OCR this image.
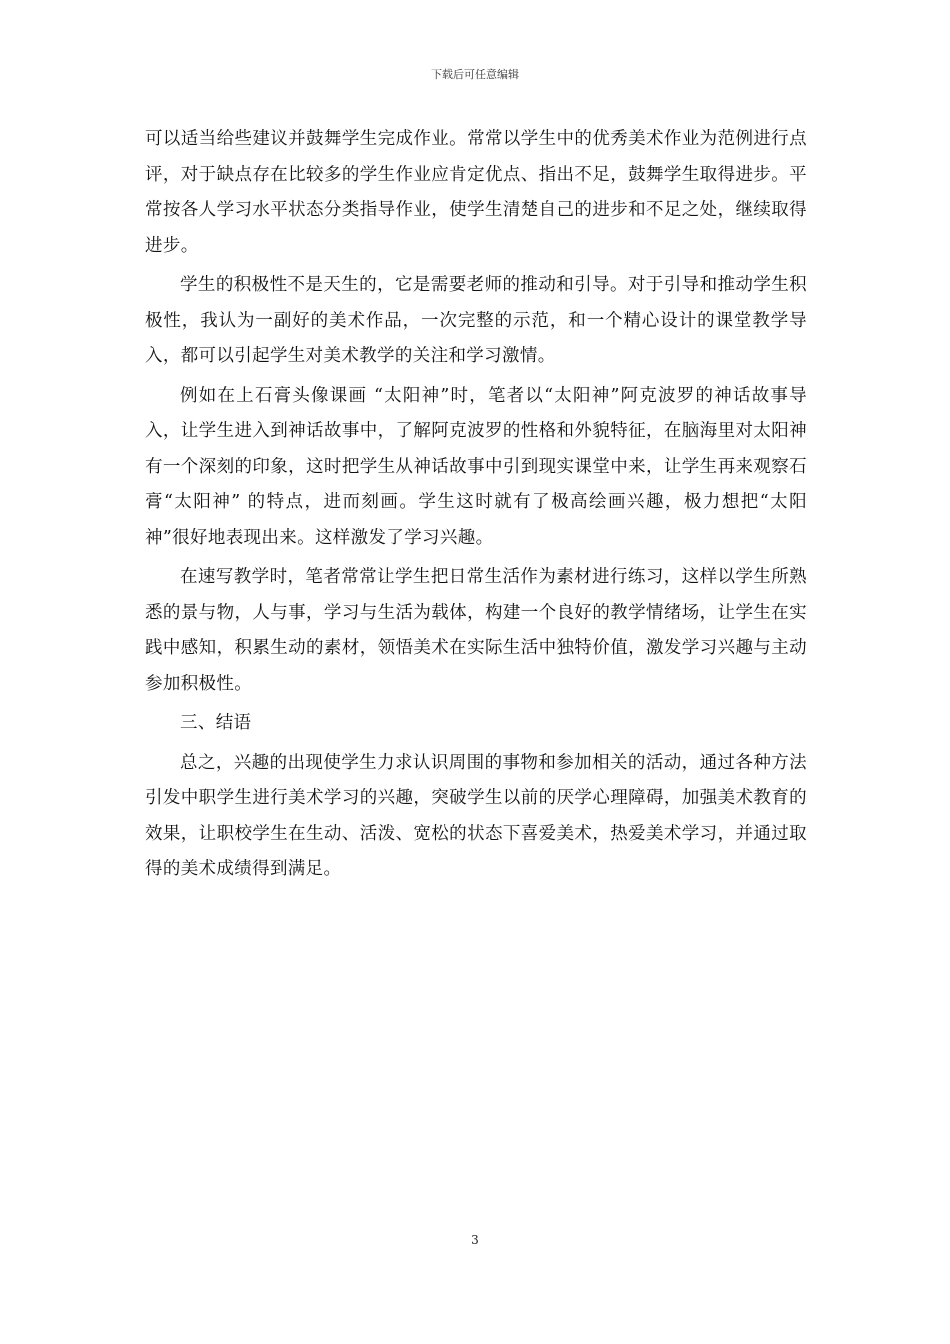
下载后可任意编辑

可以适当给些建议并鼓舞学生完成作业。常常以学生中的优秀美术作业为范例进行点评，对于缺点存在比较多的学生作业应肯定优点、指出不足，鼓舞学生取得进步。平常按各人学习水平状态分类指导作业，使学生清楚自己的进步和不足之处，继续取得进步。

学生的积极性不是天生的，它是需要老师的推动和引导。对于引导和推动学生积极性，我认为一副好的美术作品，一次完整的示范，和一个精心设计的课堂教学导入，都可以引起学生对美术教学的关注和学习激情。

例如在上石膏头像课画 “太阳神”时，笔者以“太阳神”阿克波罗的神话故事导入，让学生进入到神话故事中，了解阿克波罗的性格和外貌特征，在脑海里对太阳神有一个深刻的印象，这时把学生从神话故事中引到现实课堂中来，让学生再来观察石膏“太阳神” 的特点，进而刻画。学生这时就有了极高绘画兴趣，极力想把“太阳神”很好地表现出来。这样激发了学习兴趣。

在速写教学时，笔者常常让学生把日常生活作为素材进行练习，这样以学生所熟悉的景与物，人与事，学习与生活为载体，构建一个良好的教学情绪场，让学生在实践中感知，积累生动的素材，领悟美术在实际生活中独特价值，激发学习兴趣与主动参加积极性。

三、结语

总之，兴趣的出现使学生力求认识周围的事物和参加相关的活动，通过各种方法引发中职学生进行美术学习的兴趣，突破学生以前的厌学心理障碍，加强美术教育的效果，让职校学生在生动、活泼、宽松的状态下喜爱美术，热爱美术学习，并通过取得的美术成绩得到满足。

3
